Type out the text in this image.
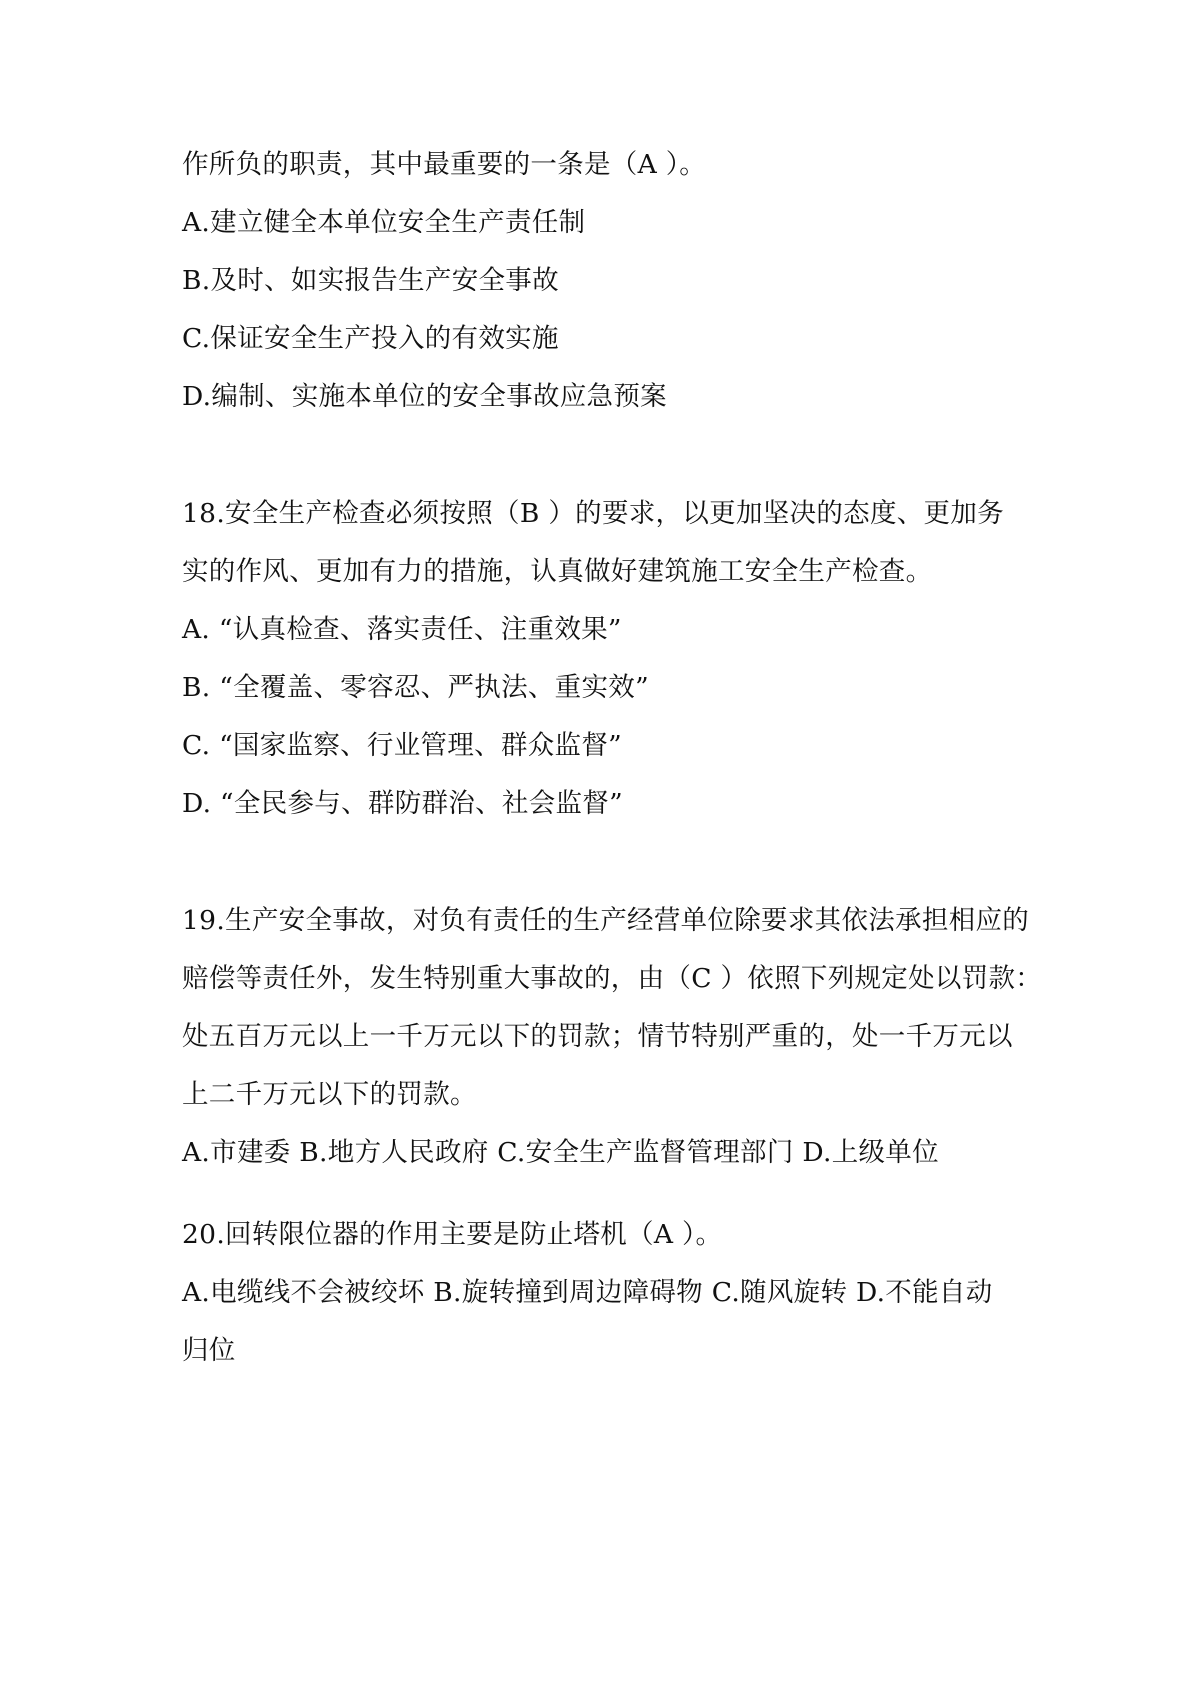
作所负的职责，其中最重要的一条是（A ）。
A.建立健全本单位安全生产责任制
B.及时、如实报告生产安全事故
C.保证安全生产投入的有效实施
D.编制、实施本单位的安全事故应急预案
18.安全生产检查必须按照（B ）的要求，以更加坚决的态度、更加务
实的作风、更加有力的措施，认真做好建筑施工安全生产检查。
A. “认真检查、落实责任、注重效果”
B. “全覆盖、零容忍、严执法、重实效”
C. “国家监察、行业管理、群众监督”
D. “全民参与、群防群治、社会监督”
19.生产安全事故，对负有责任的生产经营单位除要求其依法承担相应的
赔偿等责任外，发生特别重大事故的，由（C ）依照下列规定处以罚款：
处五百万元以上一千万元以下的罚款；情节特别严重的，处一千万元以
上二千万元以下的罚款。
A.市建委 B.地方人民政府 C.安全生产监督管理部门 D.上级单位
20.回转限位器的作用主要是防止塔机（A ）。
A.电缆线不会被绞坏 B.旋转撞到周边障碍物 C.随风旋转 D.不能自动
归位
